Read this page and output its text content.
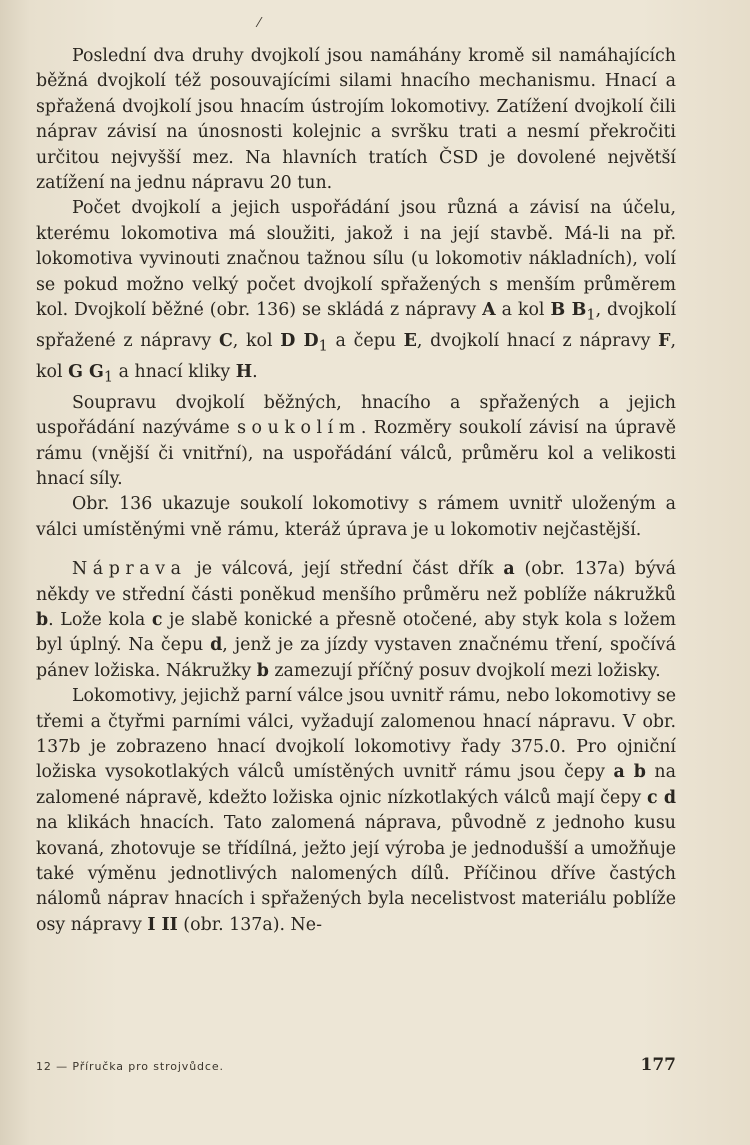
⁄

Poslední dva druhy dvojkolí jsou namáhány kromě sil namáhajících běžná dvojkolí též posouvajícími silami hnacího mechanismu. Hnací a spřažená dvojkolí jsou hnacím ústrojím lokomotivy. Zatížení dvojkolí čili náprav závisí na únosnosti kolejnic a svršku trati a nesmí překročiti určitou nejvyšší mez. Na hlavních tratích ČSD je dovolené největší zatížení na jednu nápravu 20 tun.

Počet dvojkolí a jejich uspořádání jsou různá a závisí na účelu, kterému lokomotiva má sloužiti, jakož i na její stavbě. Má-li na př. lokomotiva vyvinouti značnou tažnou sílu (u lokomotiv nákladních), volí se pokud možno velký počet dvojkolí spřažených s menším průměrem kol. Dvojkolí běžné (obr. 136) se skládá z nápravy A a kol B $B_1$, dvojkolí spřažené z nápravy C, kol D $D_1$ a čepu E, dvojkolí hnací z nápravy F, kol G $G_1$ a hnací kliky H.

Soupravu dvojkolí běžných, hnacího a spřažených a jejich uspořádání nazýváme soukolím. Rozměry soukolí závisí na úpravě rámu (vnější či vnitřní), na uspořádání válců, průměru kol a velikosti hnací síly.

Obr. 136 ukazuje soukolí lokomotivy s rámem uvnitř uloženým a válci umístěnými vně rámu, kteráž úprava je u lokomotiv nejčastější.

Náprava je válcová, její střední část dřík a (obr. 137a) bývá někdy ve střední části poněkud menšího průměru než poblíže nákružků b. Lože kola c je slabě konické a přesně otočené, aby styk kola s ložem byl úplný. Na čepu d, jenž je za jízdy vystaven značnému tření, spočívá pánev ložiska. Nákružky b zamezují příčný posuv dvojkolí mezi ložisky.

Lokomotivy, jejichž parní válce jsou uvnitř rámu, nebo lokomotivy se třemi a čtyřmi parními válci, vyžadují zalomenou hnací nápravu. V obr. 137b je zobrazeno hnací dvojkolí lokomotivy řady 375.0. Pro ojniční ložiska vysokotlakých válců umístěných uvnitř rámu jsou čepy a b na zalomené nápravě, kdežto ložiska ojnic nízkotlakých válců mají čepy c d na klikách hnacích. Tato zalomená náprava, původně z jednoho kusu kovaná, zhotovuje se třídílná, ježto její výroba je jednodušší a umožňuje také výměnu jednotlivých nalomených dílů. Příčinou dříve častých nálomů náprav hnacích i spřažených byla necelistvost materiálu poblíže osy nápravy I II (obr. 137a). Ne-

12 — Příručka pro strojvůdce.	177
